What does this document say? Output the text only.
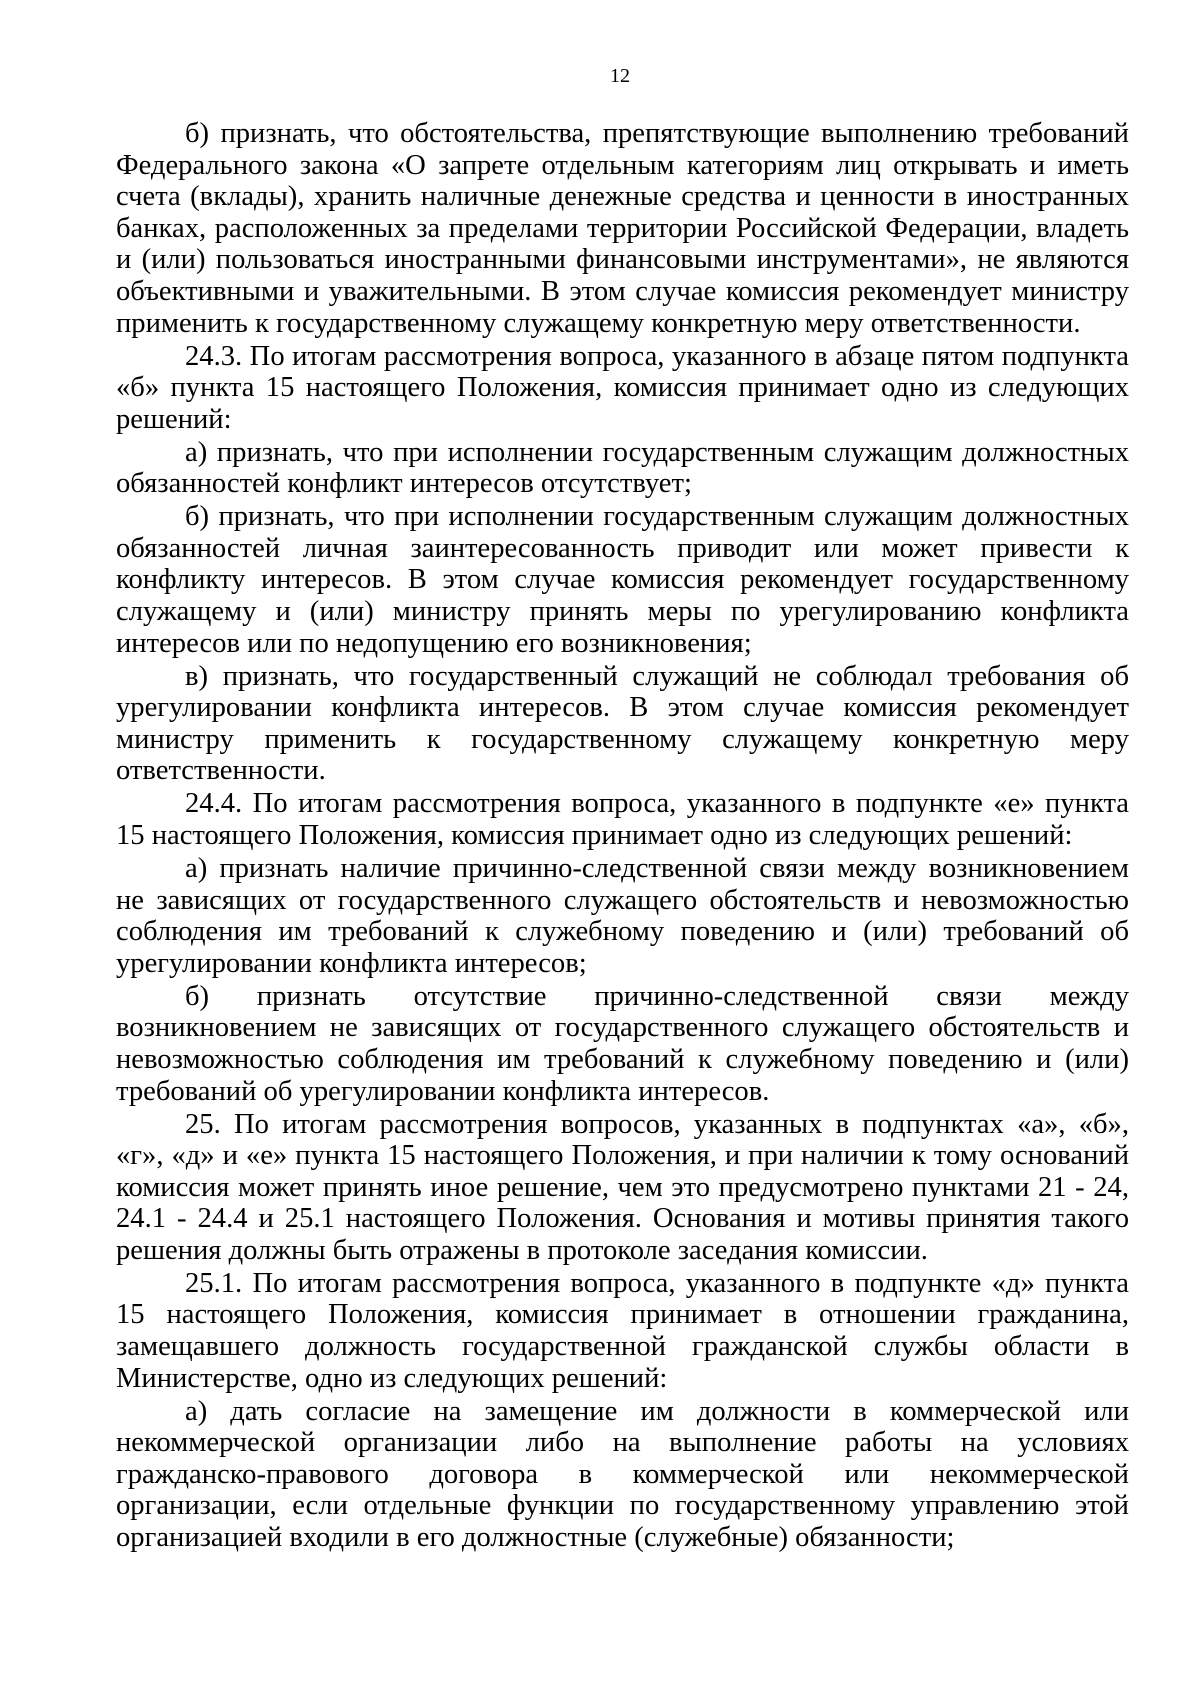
12

б) признать, что обстоятельства, препятствующие выполнению требований Федерального закона «О запрете отдельным категориям лиц открывать и иметь счета (вклады), хранить наличные денежные средства и ценности в иностранных банках, расположенных за пределами территории Российской Федерации, владеть и (или) пользоваться иностранными финансовыми инструментами», не являются объективными и уважительными. В этом случае комиссия рекомендует министру применить к государственному служащему конкретную меру ответственности.

24.3. По итогам рассмотрения вопроса, указанного в абзаце пятом подпункта «б» пункта 15 настоящего Положения, комиссия принимает одно из следующих решений:

а) признать, что при исполнении государственным служащим должностных обязанностей конфликт интересов отсутствует;

б) признать, что при исполнении государственным служащим должностных обязанностей личная заинтересованность приводит или может привести к конфликту интересов. В этом случае комиссия рекомендует государственному служащему и (или) министру принять меры по урегулированию конфликта интересов или по недопущению его возникновения;

в) признать, что государственный служащий не соблюдал требования об урегулировании конфликта интересов. В этом случае комиссия рекомендует министру применить к государственному служащему конкретную меру ответственности.

24.4. По итогам рассмотрения вопроса, указанного в подпункте «е» пункта 15 настоящего Положения, комиссия принимает одно из следующих решений:

а) признать наличие причинно-следственной связи между возникновением не зависящих от государственного служащего обстоятельств и невозможностью соблюдения им требований к служебному поведению и (или) требований об урегулировании конфликта интересов;

б) признать отсутствие причинно-следственной связи между возникновением не зависящих от государственного служащего обстоятельств и невозможностью соблюдения им требований к служебному поведению и (или) требований об урегулировании конфликта интересов.

25. По итогам рассмотрения вопросов, указанных в подпунктах «а», «б», «г», «д» и «е» пункта 15 настоящего Положения, и при наличии к тому оснований комиссия может принять иное решение, чем это предусмотрено пунктами 21 - 24, 24.1 - 24.4 и 25.1 настоящего Положения. Основания и мотивы принятия такого решения должны быть отражены в протоколе заседания комиссии.

25.1. По итогам рассмотрения вопроса, указанного в подпункте «д» пункта 15 настоящего Положения, комиссия принимает в отношении гражданина, замещавшего должность государственной гражданской службы области в Министерстве, одно из следующих решений:

а) дать согласие на замещение им должности в коммерческой или некоммерческой организации либо на выполнение работы на условиях гражданско-правового договора в коммерческой или некоммерческой организации, если отдельные функции по государственному управлению этой организацией входили в его должностные (служебные) обязанности;
